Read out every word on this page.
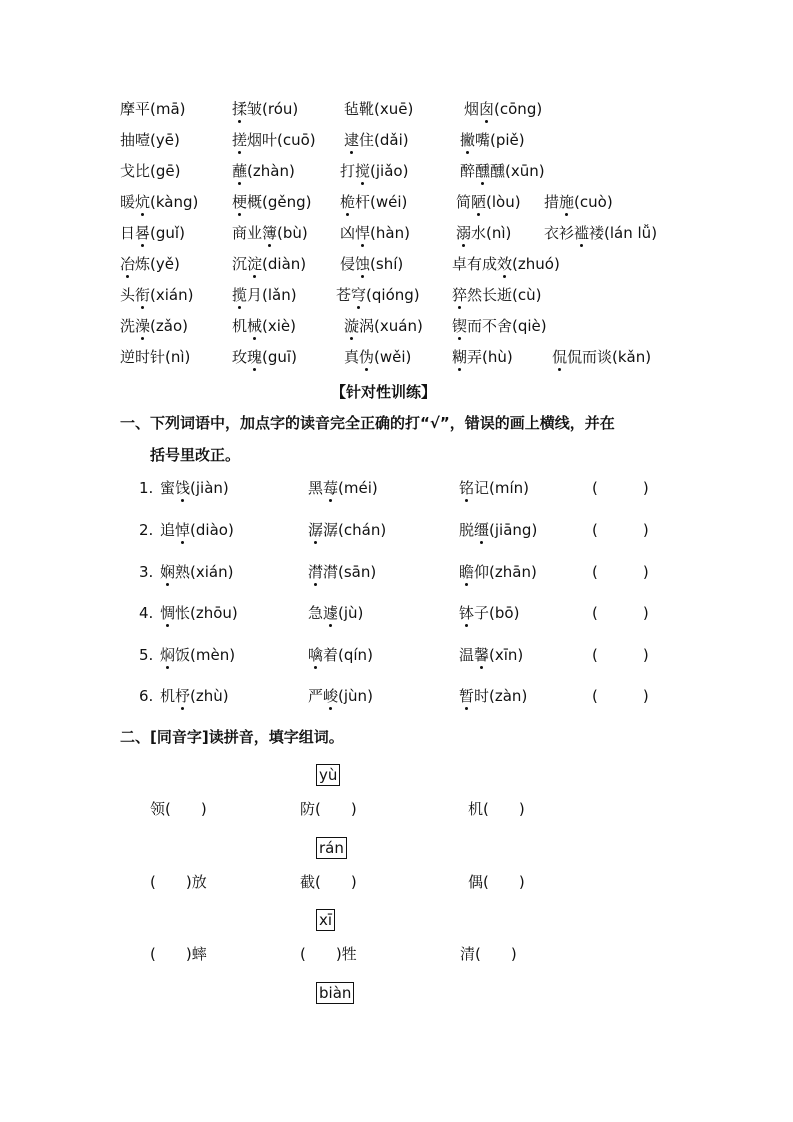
摩平(mā)	揉皱(róu)	毡靴(xuē)	烟囱(cōng)
抽噎(yē)	搓烟叶(cuō) 逮住(dǎi)	撇嘴(piě)
戈比(gē)	蘸(zhàn)	打搅(jiǎo)	醉醺醺(xūn)
暖炕(kàng) 梗概(gěng) 桅杆(wéi)	简陋(lòu) 措施(cuò)
日晷(guǐ)	商业簿(bù) 凶悍(hàn)	溺水(nì) 衣衫褴褛(lán lǚ)
冶炼(yě)	沉淀(diàn) 侵蚀(shí)	卓有成效(zhuó)
头衔(xián)	揽月(lǎn)	苍穹(qióng) 猝然长逝(cù)
洗澡(zǎo)	机械(xiè)	漩涡(xuán) 锲而不舍(qiè)
逆时针(nì)	玫瑰(guī)	真伪(wěi)	糊弄(hù)	侃侃而谈(kǎn)
【针对性训练】
一、下列词语中，加点字的读音完全正确的打“√”，错误的画上横线，并在
括号里改正。
1. 蜜饯(jiàn)	黑莓(méi)	铭记(mín)	(　　　)
2. 追悼(diào)	潺潺(chán)	脱缰(jiāng)	(　　　)
3. 娴熟(xián)	潸潸(sān)	瞻仰(zhān)	(　　　)
4. 惆怅(zhōu)	急遽(jù)	钵子(bō)	(　　　)
5. 焖饭(mèn)	噙着(qín)	温馨(xīn)	(　　　)
6. 机杼(zhù)	严峻(jùn)	暂时(zàn)	(　　　)
二、[同音字]读拼音，填字组词。
yù
领(　　)	防(　　)	机(　　)
rán
(　　)放	截(　　)	偶(　　)
xī
(　　)蟀	(　　)牲	清(　　)
biàn
